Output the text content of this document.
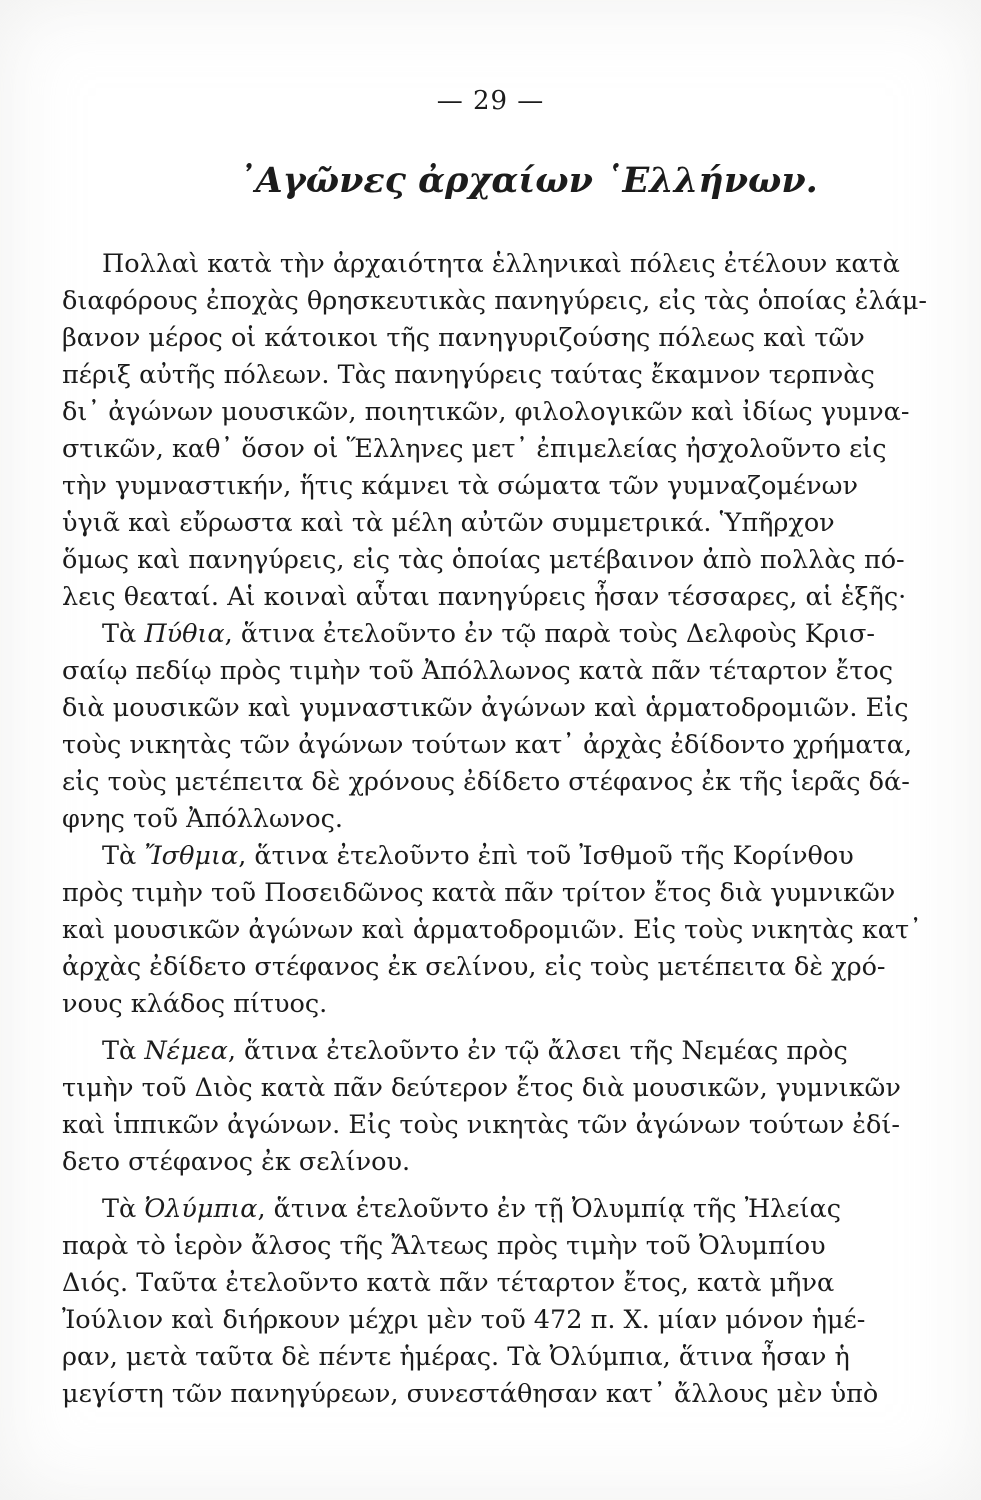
— 29 —
᾿Αγῶνες ἀρχαίων ῾Ελλήνων.
Πολλαὶ κατὰ τὴν ἀρχαιότητα ἑλληνικαὶ πόλεις ἐτέλουν κατὰ
διαφόρους ἐποχὰς θρησκευτικὰς πανηγύρεις, εἰς τὰς ὁποίας ἐλάμ-
βανον μέρος οἱ κάτοικοι τῆς πανηγυριζούσης πόλεως καὶ τῶν
πέριξ αὐτῆς πόλεων. Τὰς πανηγύρεις ταύτας ἔκαμνον τερπνὰς
δι᾿ ἀγώνων μουσικῶν, ποιητικῶν, φιλολογικῶν καὶ ἰδίως γυμνα-
στικῶν, καθ᾿ ὅσον οἱ Ἕλληνες μετ᾿ ἐπιμελείας ἠσχολοῦντο εἰς
τὴν γυμναστικήν, ἥτις κάμνει τὰ σώματα τῶν γυμναζομένων
ὑγιᾶ καὶ εὔρωστα καὶ τὰ μέλη αὐτῶν συμμετρικά. Ὑπῆρχον
ὅμως καὶ πανηγύρεις, εἰς τὰς ὁποίας μετέβαινον ἀπὸ πολλὰς πό-
λεις θεαταί. Αἱ κοιναὶ αὗται πανηγύρεις ἦσαν τέσσαρες, αἱ ἑξῆς·
Τὰ Πύθια, ἅτινα ἐτελοῦντο ἐν τῷ παρὰ τοὺς Δελφοὺς Κρισ-
σαίῳ πεδίῳ πρὸς τιμὴν τοῦ Ἀπόλλωνος κατὰ πᾶν τέταρτον ἔτος
διὰ μουσικῶν καὶ γυμναστικῶν ἀγώνων καὶ ἁρματοδρομιῶν. Εἰς
τοὺς νικητὰς τῶν ἀγώνων τούτων κατ᾿ ἀρχὰς ἐδίδοντο χρήματα,
εἰς τοὺς μετέπειτα δὲ χρόνους ἐδίδετο στέφανος ἐκ τῆς ἱερᾶς δά-
φνης τοῦ Ἀπόλλωνος.
Τὰ Ἴσθμια, ἅτινα ἐτελοῦντο ἐπὶ τοῦ Ἰσθμοῦ τῆς Κορίνθου
πρὸς τιμὴν τοῦ Ποσειδῶνος κατὰ πᾶν τρίτον ἔτος διὰ γυμνικῶν
καὶ μουσικῶν ἀγώνων καὶ ἁρματοδρομιῶν. Εἰς τοὺς νικητὰς κατ᾿
ἀρχὰς ἐδίδετο στέφανος ἐκ σελίνου, εἰς τοὺς μετέπειτα δὲ χρό-
νους κλάδος πίτυος.
Τὰ Νέμεα, ἅτινα ἐτελοῦντο ἐν τῷ ἄλσει τῆς Νεμέας πρὸς
τιμὴν τοῦ Διὸς κατὰ πᾶν δεύτερον ἔτος διὰ μουσικῶν, γυμνικῶν
καὶ ἱππικῶν ἀγώνων. Εἰς τοὺς νικητὰς τῶν ἀγώνων τούτων ἐδί-
δετο στέφανος ἐκ σελίνου.
Τὰ Ὀλύμπια, ἅτινα ἐτελοῦντο ἐν τῇ Ὀλυμπίᾳ τῆς Ἠλείας
παρὰ τὸ ἱερὸν ἄλσος τῆς Ἄλτεως πρὸς τιμὴν τοῦ Ὀλυμπίου
Διός. Ταῦτα ἐτελοῦντο κατὰ πᾶν τέταρτον ἔτος, κατὰ μῆνα
Ἰούλιον καὶ διήρκουν μέχρι μὲν τοῦ 472 π. Χ. μίαν μόνον ἡμέ-
ραν, μετὰ ταῦτα δὲ πέντε ἡμέρας. Τὰ Ὀλύμπια, ἅτινα ἦσαν ἡ
μεγίστη τῶν πανηγύρεων, συνεστάθησαν κατ᾿ ἄλλους μὲν ὑπὸ
